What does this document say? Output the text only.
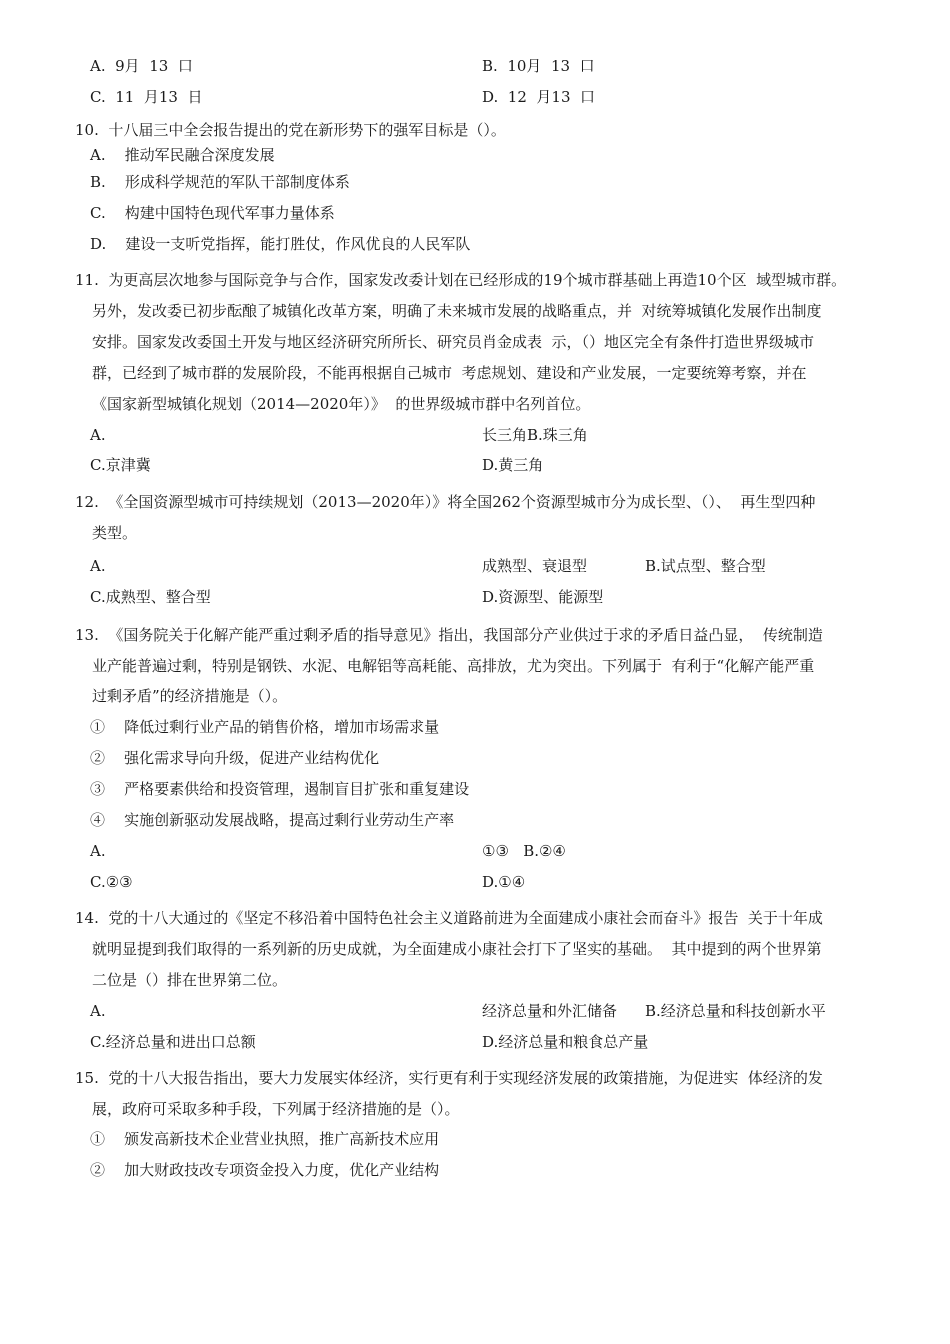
A.  9月  13  口	B.  10月  13  口
C.  11  月13  日	D.  12  月13  口
10.  十八届三中全会报告提出的党在新形势下的强军目标是（）。
A.    推动军民融合深度发展
B.    形成科学规范的军队干部制度体系
C.    构建中国特色现代军事力量体系
D.    建设一支听党指挥，能打胜仗，作风优良的人民军队
11.  为更高层次地参与国际竞争与合作，国家发改委计划在已经形成的19个城市群基础上再造10个区  域型城市群。
另外，发改委已初步酝酿了城镇化改革方案，明确了未来城市发展的战略重点，并  对统筹城镇化发展作出制度
安排。国家发改委国土开发与地区经济研究所所长、研究员肖金成表  示，（）地区完全有条件打造世界级城市
群，已经到了城市群的发展阶段，不能再根据自己城市  考虑规划、建设和产业发展，一定要统筹考察，并在
《国家新型城镇化规划（2014—2020年）》  的世界级城市群中名列首位。
A.	长三角B.珠三角
C.京津冀	D.黄三角
12.  《全国资源型城市可持续规划（2013—2020年）》将全国262个资源型城市分为成长型、（）、  再生型四种
类型。
A.	成熟型、衰退型	B.试点型、整合型
C.成熟型、整合型	D.资源型、能源型
13.  《国务院关于化解产能严重过剩矛盾的指导意见》指出，我国部分产业供过于求的矛盾日益凸显，  传统制造
业产能普遍过剩，特别是钢铁、水泥、电解铝等高耗能、高排放，尤为突出。下列属于  有利于“化解产能严重
过剩矛盾”的经济措施是（）。
①    降低过剩行业产品的销售价格，增加市场需求量
②    强化需求导向升级，促进产业结构优化
③    严格要素供给和投资管理，遏制盲目扩张和重复建设
④    实施创新驱动发展战略，提高过剩行业劳动生产率
A.	①③   B.②④
C.②③	D.①④
14.  党的十八大通过的《坚定不移沿着中国特色社会主义道路前进为全面建成小康社会而奋斗》报告  关于十年成
就明显提到我们取得的一系列新的历史成就，为全面建成小康社会打下了坚实的基础。  其中提到的两个世界第
二位是（）排在世界第二位。
A.	经济总量和外汇储备 B.经济总量和科技创新水平
C.经济总量和进出口总额	D.经济总量和粮食总产量
15.  党的十八大报告指出，要大力发展实体经济，实行更有利于实现经济发展的政策措施，为促进实  体经济的发
展，政府可采取多种手段，下列属于经济措施的是（）。
①    颁发高新技术企业营业执照，推广高新技术应用
②    加大财政技改专项资金投入力度，优化产业结构
